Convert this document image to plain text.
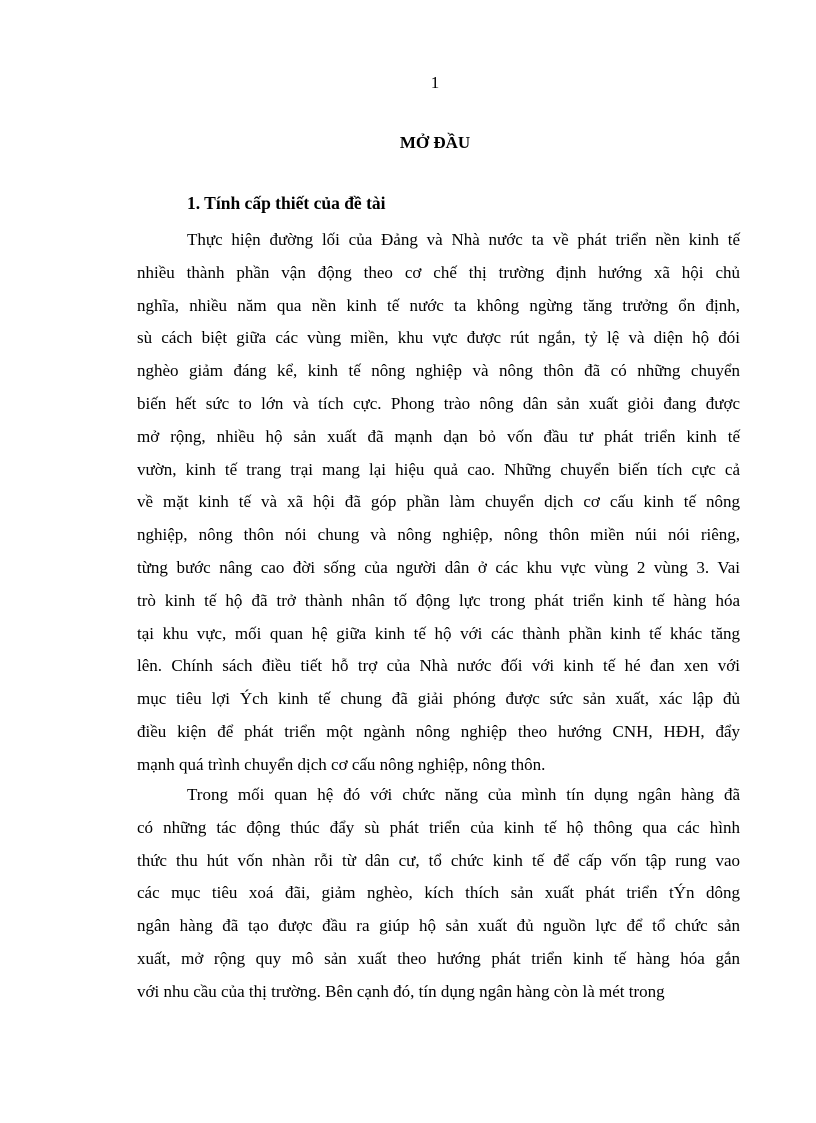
1
MỞ ĐẦU
1. Tính cấp thiết của đề tài
Thực hiện đường lối của Đảng và Nhà nước ta về phát triển nền kinh tế
nhiều thành phần vận động theo cơ chế thị trường định hướng xã hội chủ
nghĩa, nhiều năm qua nền kinh tế nước ta không ngừng tăng trưởng ổn định,
sù cách biệt giữa các vùng miền, khu vực được rút ngắn, tỷ lệ và diện hộ đói
nghèo giảm đáng kể, kinh tế nông nghiệp và nông thôn đã có những chuyển
biến hết sức to lớn và tích cực. Phong trào nông dân sản xuất giỏi đang được
mở rộng, nhiều hộ sản xuất đã mạnh dạn bỏ vốn đầu tư phát triển kinh tế
vườn, kinh tế trang trại mang lại hiệu quả cao. Những chuyển biến tích cực cả
về mặt kinh tế và xã hội đã góp phần làm chuyển dịch cơ cấu kinh tế nông
nghiệp, nông thôn nói chung và nông nghiệp, nông thôn miền núi nói riêng,
từng bước nâng cao đời sống của người dân ở các khu vực vùng 2 vùng 3. Vai
trò kinh tế hộ đã trở thành nhân tố động lực trong phát triển kinh tế hàng hóa
tại khu vực, mối quan hệ giữa kinh tế hộ với các thành phần kinh tế khác tăng
lên. Chính sách điều tiết hỗ trợ của Nhà nước đối với kinh tế hé đan xen với
mục tiêu lợi Ých kinh tế chung đã giải phóng được sức sản xuất, xác lập đủ
điều kiện để phát triển một ngành nông nghiệp theo hướng CNH, HĐH, đẩy
mạnh quá trình chuyển dịch cơ cấu nông nghiệp, nông thôn.
Trong mối quan hệ đó với chức năng của mình tín dụng ngân hàng đã
có những tác động thúc đẩy sù phát triển của kinh tế hộ thông qua các hình
thức thu hút vốn nhàn rỗi từ dân cư, tổ chức kinh tế để cấp vốn tập rung vao
các mục tiêu xoá đãi, giảm nghèo, kích thích sản xuất phát triển tÝn dông
ngân hàng đã tạo được đầu ra giúp hộ sản xuất đủ nguồn lực để tổ chức sản
xuất, mở rộng quy mô sản xuất theo hướng phát triển kinh tế hàng hóa gắn
với nhu cầu của thị trường. Bên cạnh đó, tín dụng ngân hàng còn là mét trong
